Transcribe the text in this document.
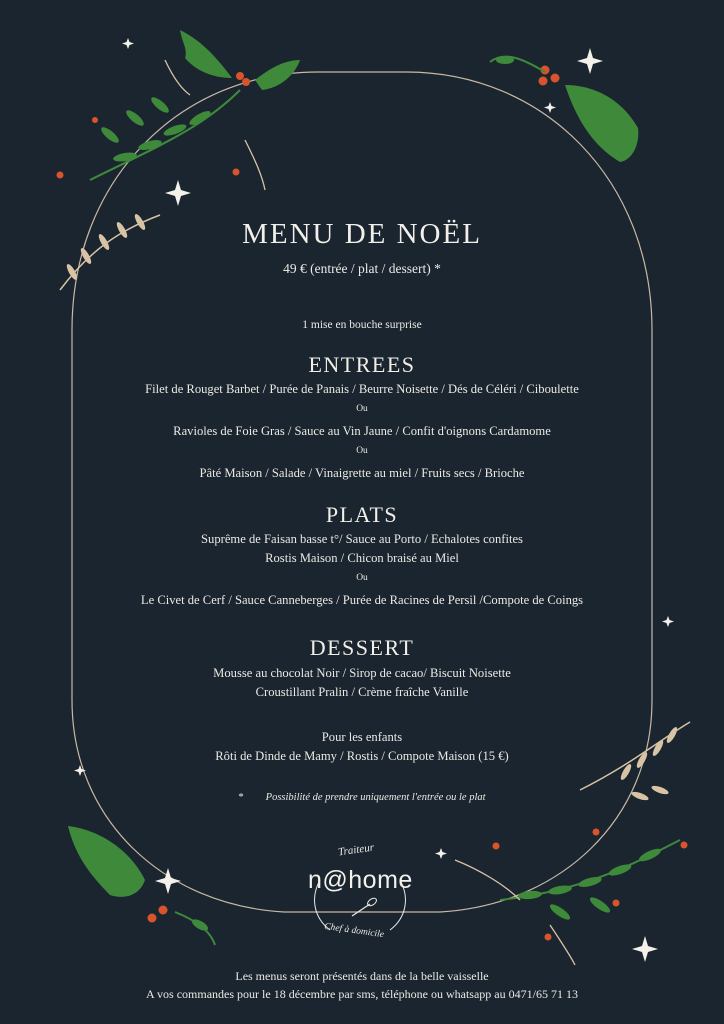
MENU DE NOËL
49 € (entrée / plat / dessert) *
1 mise en bouche surprise
ENTREES
Filet de Rouget Barbet / Purée de Panais / Beurre Noisette / Dés de Céléri / Ciboulette
Ou
Ravioles de Foie Gras / Sauce au Vin Jaune / Confit d'oignons Cardamome
Ou
Pâté Maison / Salade / Vinaigrette au miel / Fruits secs / Brioche
PLATS
Suprême de Faisan basse t°/ Sauce au Porto / Echalotes confites
Rostis Maison / Chicon braisé au Miel
Ou
Le Civet de Cerf / Sauce Canneberges / Purée de Racines de Persil /Compote de Coings
DESSERT
Mousse au chocolat Noir / Sirop de cacao/ Biscuit Noisette
Croustillant Pralin / Crème fraîche Vanille
Pour les enfants
Rôti de Dinde de Mamy / Rostis / Compote Maison (15 €)
* Possibilité de prendre uniquement l'entrée ou le plat
Traiteur
n@home
Chef à domicile
Les menus seront présentés dans de la belle vaisselle
A vos commandes pour le 18 décembre par sms, téléphone ou whatsapp au 0471/65 71 13
